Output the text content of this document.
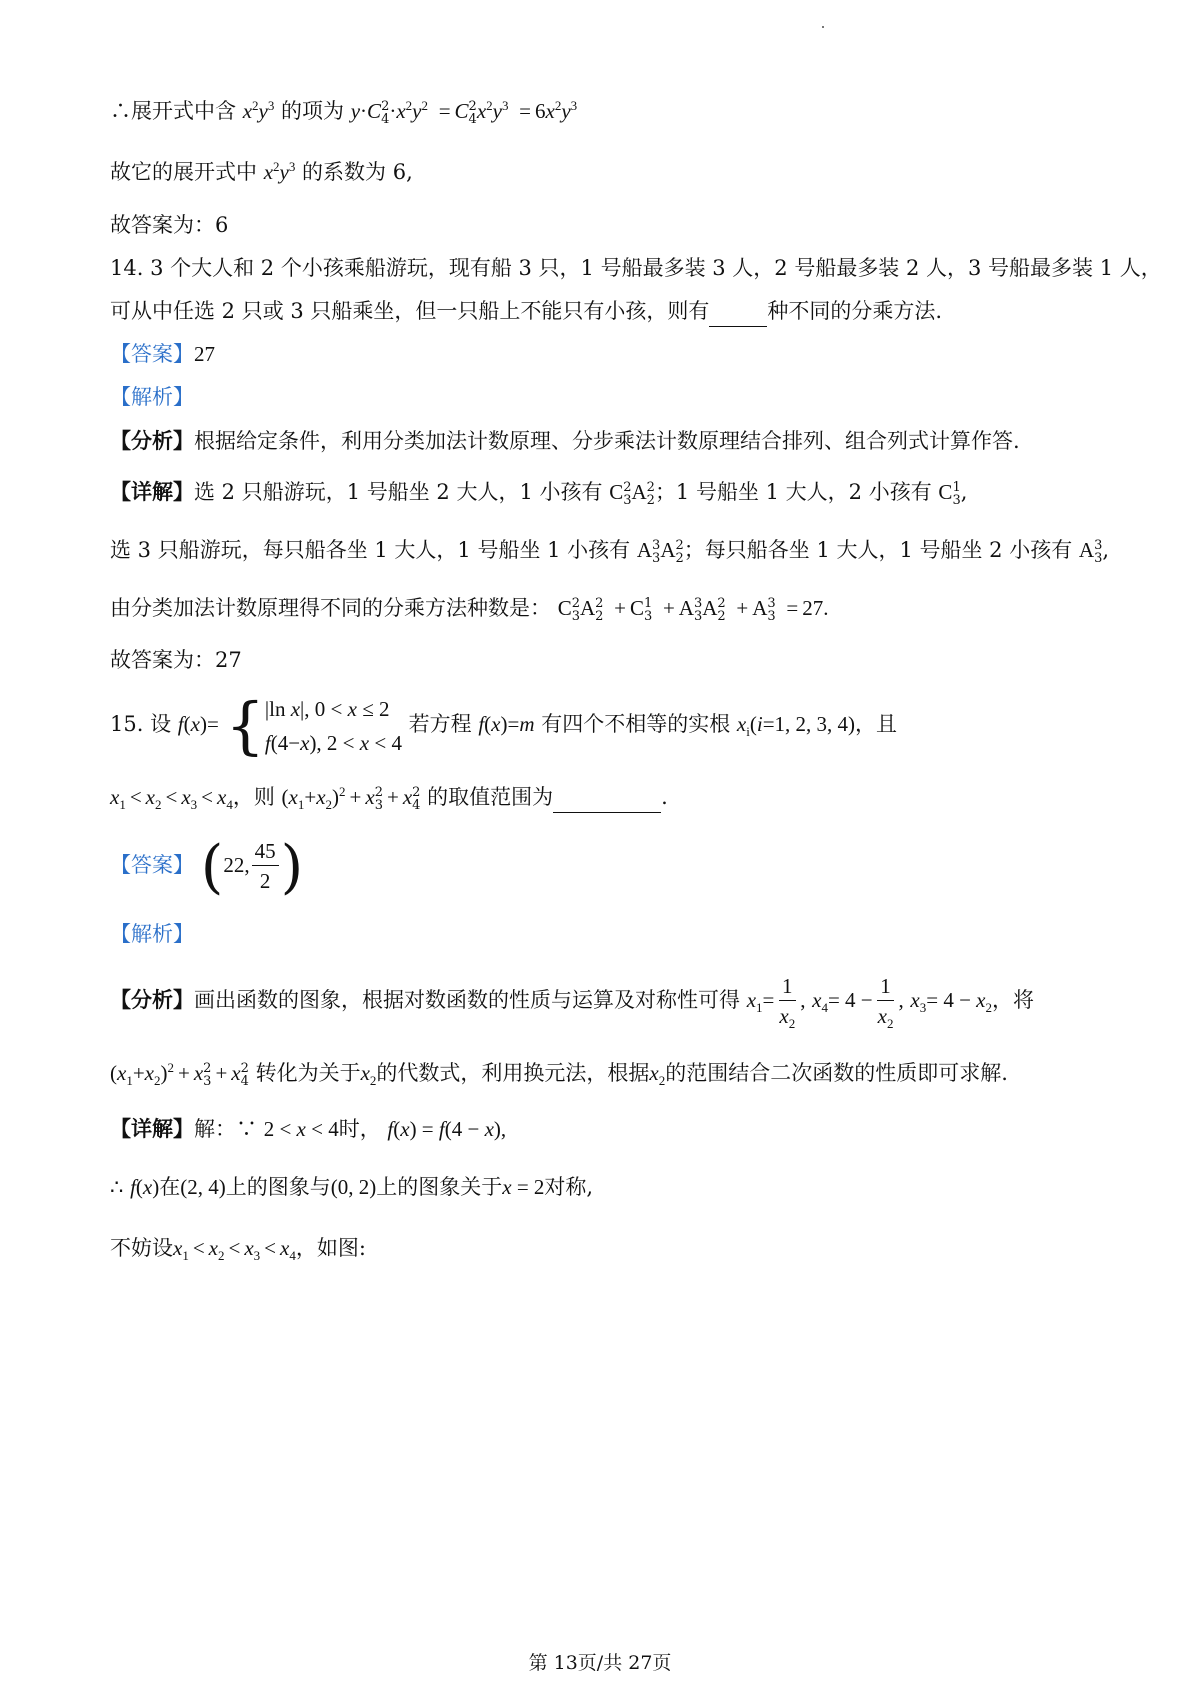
∴展开式中含 $x^2y^3$ 的项为 y·C 2
$4 \cdot x^2y^2 = C$ 2
4 $x^2y^3 = 6x^2y^3$
故它的展开式中 $x^2y^3$ 的系数为 6,
故答案为：6
14. 3 个大人和 2 个小孩乘船游玩，现有船 3 只，1 号船最多装 3 人，2 号船最多装 2 人，3 号船最多装 1 人，
可从中任选 2 只或 3 只船乘坐，但一只船上不能只有小孩，则有	种不同的分乘方法.
【答案】27
【解析】
【分析】根据给定条件，利用分类加法计数原理、分步乘法计数原理结合排列、组合列式计算作答.
【详解】选 2 只船游玩，1 号船坐 2 大人，1 小孩有 C 2
3 A 2
2 ；1 号船坐 1 大人，2 小孩有 C 1
3 ,
选 3 只船游玩，每只船各坐 1 大人，1 号船坐 1 小孩有 A 3
3 A 2
2 ；每只船各坐 1 大人，1 号船坐 2 小孩有 A 3
3 ,
由分类加法计数原理得不同的分乘方法种数是： C 2
3 A 2
2 + C 1
3 + A 3
3 A 2
2 + A 3
3 = 27.
故答案为：27
15. 设 f(x)= { |ln x|, 0 < x ≤ 2
f(4−x), 2 < x < 4
若方程 f(x)=m 有四个不相等的实根 $x_i(i=1$, 2, 3, 4)，且
$x_1 < x_2 < x_3 < x_4$，则 $(x_1+x_2)^2 + x$ 2
3 + x 2
4 的取值范围为	.
【答案】 (22, $\frac{45}{2}$ )
【解析】
【分析】画出函数的图象，根据对数函数的性质与运算及对称性可得 $x_1= \frac{1}{x_2}$ , $x_4= 4 - \frac{1}{x_2}$ , $x_3= 4 - x_2$，将
$(x_1+x_2)^2 + x$ 2
3 + x 2
4 转化为关于$x_2$的代数式，利用换元法，根据$x_2$的范围结合二次函数的性质即可求解.
【详解】解：∵ 2 < x < 4时， f(x) = f(4 − x),
∴ f(x)在(2, 4)上的图象与(0, 2)上的图象关于x = 2对称,
不妨设$x_1 < x_2 < x_3 < x_4$，如图:
第 13页/共 27页
